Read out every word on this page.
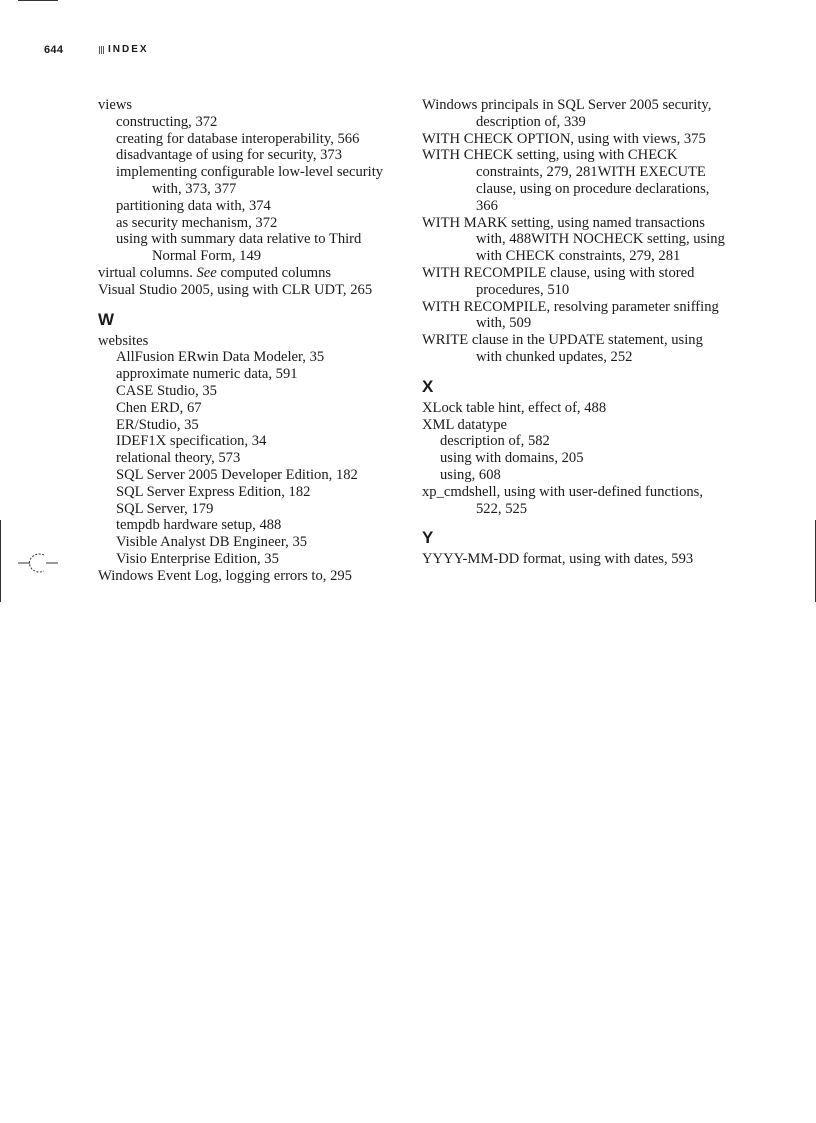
644	INDEX

views

constructing, 372

creating for database interoperability, 566

disadvantage of using for security, 373

implementing configurable low-level security with, 373, 377

partitioning data with, 374

as security mechanism, 372

using with summary data relative to Third Normal Form, 149

virtual columns. See computed columns

Visual Studio 2005, using with CLR UDT, 265

W

websites

AllFusion ERwin Data Modeler, 35

approximate numeric data, 591

CASE Studio, 35

Chen ERD, 67

ER/Studio, 35

IDEF1X specification, 34

relational theory, 573

SQL Server 2005 Developer Edition, 182

SQL Server Express Edition, 182

SQL Server, 179

tempdb hardware setup, 488

Visible Analyst DB Engineer, 35

Visio Enterprise Edition, 35

Windows Event Log, logging errors to, 295

Windows principals in SQL Server 2005 security, description of, 339

WITH CHECK OPTION, using with views, 375

WITH CHECK setting, using with CHECK constraints, 279, 281WITH EXECUTE clause, using on procedure declarations, 366

WITH MARK setting, using named transactions with, 488WITH NOCHECK setting, using with CHECK constraints, 279, 281

WITH RECOMPILE clause, using with stored procedures, 510

WITH RECOMPILE, resolving parameter sniffing with, 509

WRITE clause in the UPDATE statement, using with chunked updates, 252

X

XLock table hint, effect of, 488

XML datatype

description of, 582

using with domains, 205

using, 608

xp_cmdshell, using with user-defined functions, 522, 525

Y

YYYY-MM-DD format, using with dates, 593
